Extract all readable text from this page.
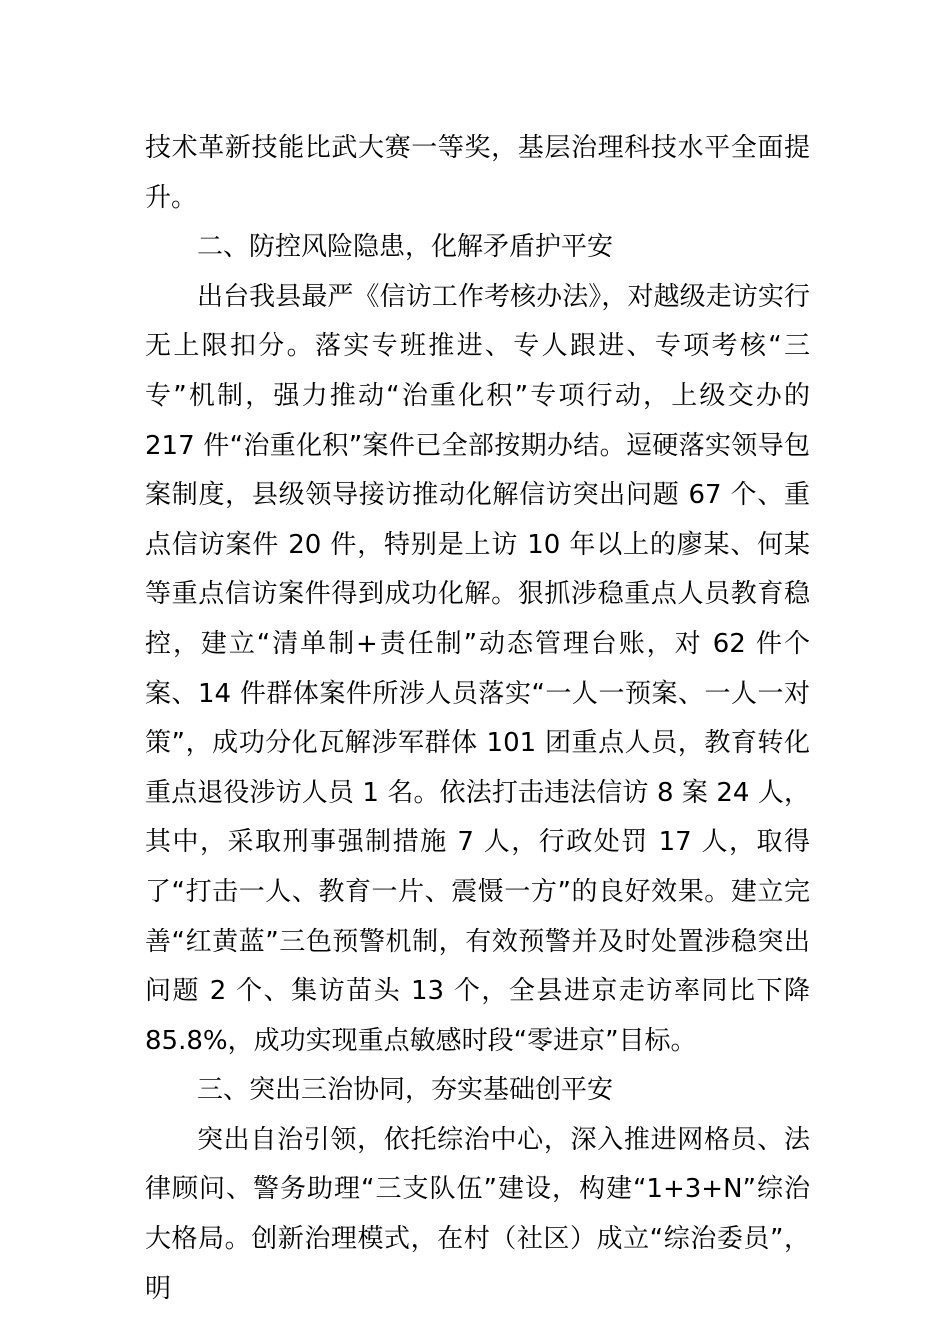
技术革新技能比武大赛一等奖，基层治理科技水平全面提升。

二、防控风险隐患，化解矛盾护平安

出台我县最严《信访工作考核办法》，对越级走访实行无上限扣分。落实专班推进、专人跟进、专项考核“三专”机制，强力推动“治重化积”专项行动，上级交办的 217 件“治重化积”案件已全部按期办结。逗硬落实领导包案制度，县级领导接访推动化解信访突出问题 67 个、重点信访案件 20 件，特别是上访 10 年以上的廖某、何某等重点信访案件得到成功化解。狠抓涉稳重点人员教育稳控，建立“清单制+责任制”动态管理台账，对 62 件个案、14 件群体案件所涉人员落实“一人一预案、一人一对策”，成功分化瓦解涉军群体 101 团重点人员，教育转化重点退役涉访人员 1 名。依法打击违法信访 8 案 24 人，其中，采取刑事强制措施 7 人，行政处罚 17 人，取得了“打击一人、教育一片、震慑一方”的良好效果。建立完善“红黄蓝”三色预警机制，有效预警并及时处置涉稳突出问题 2 个、集访苗头 13 个，全县进京走访率同比下降 85.8%，成功实现重点敏感时段“零进京”目标。

三、突出三治协同，夯实基础创平安

突出自治引领，依托综治中心，深入推进网格员、法律顾问、警务助理“三支队伍”建设，构建“1+3+N”综治大格局。创新治理模式，在村（社区）成立“综治委员”，明
